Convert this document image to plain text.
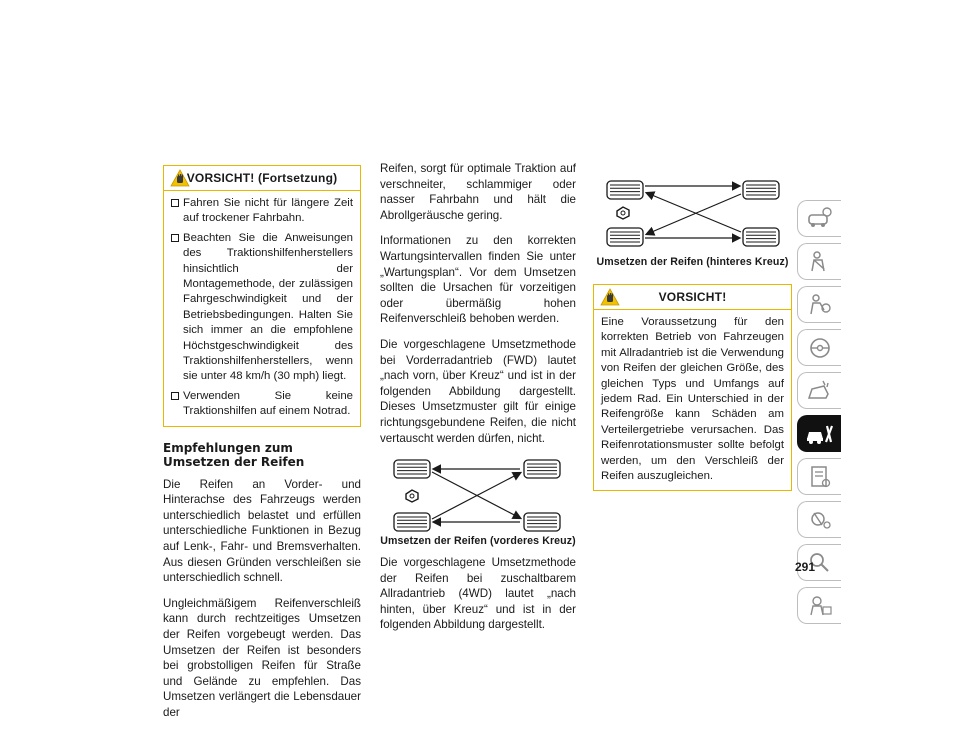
VORSICHT! (Fortsetzung)
Fahren Sie nicht für längere Zeit auf trockener Fahrbahn.
Beachten Sie die Anweisungen des Traktionshilfenherstellers hinsichtlich der Montagemethode, der zulässigen Fahrgeschwindigkeit und der Betriebsbedingungen. Halten Sie sich immer an die empfohlene Höchstgeschwindigkeit des Traktionshilfenherstellers, wenn sie unter 48 km/h (30 mph) liegt.
Verwenden Sie keine Traktionshilfen auf einem Notrad.
Empfehlungen zum Umsetzen der Reifen

Die Reifen an Vorder- und Hinterachse des Fahrzeugs werden unterschiedlich belastet und erfüllen unterschiedliche Funktionen in Bezug auf Lenk-, Fahr- und Bremsverhalten. Aus diesen Gründen verschleißen sie unterschiedlich schnell.

Ungleichmäßigem Reifenverschleiß kann durch rechtzeitiges Umsetzen der Reifen vorgebeugt werden. Das Umsetzen der Reifen ist besonders bei grobstolligen Reifen für Straße und Gelände zu empfehlen. Das Umsetzen verlängert die Lebensdauer der

Reifen, sorgt für optimale Traktion auf verschneiter, schlammiger oder nasser Fahrbahn und hält die Abrollgeräusche gering.

Informationen zu den korrekten Wartungsintervallen finden Sie unter „Wartungsplan“. Vor dem Umsetzen sollten die Ursachen für vorzeitigen oder übermäßig hohen Reifenverschleiß behoben werden.

Die vorgeschlagene Umsetzmethode bei Vorderradantrieb (FWD) lautet „nach vorn, über Kreuz“ und ist in der folgenden Abbildung dargestellt. Dieses Umsetzmuster gilt für einige richtungsgebundene Reifen, die nicht vertauscht werden dürfen, nicht.

Umsetzen der Reifen (vorderes Kreuz)

Die vorgeschlagene Umsetzmethode der Reifen bei zuschaltbarem Allradantrieb (4WD) lautet „nach hinten, über Kreuz“ und ist in der folgenden Abbildung dargestellt.

Umsetzen der Reifen (hinteres Kreuz)
VORSICHT!

Eine Voraussetzung für den korrekten Betrieb von Fahrzeugen mit Allradantrieb ist die Verwendung von Reifen der gleichen Größe, des gleichen Typs und Umfangs auf jedem Rad. Ein Unterschied in der Reifengröße kann Schäden am Verteilergetriebe verursachen. Das Reifenrotationsmuster sollte befolgt werden, um den Verschleiß der Reifen auszugleichen.

291
